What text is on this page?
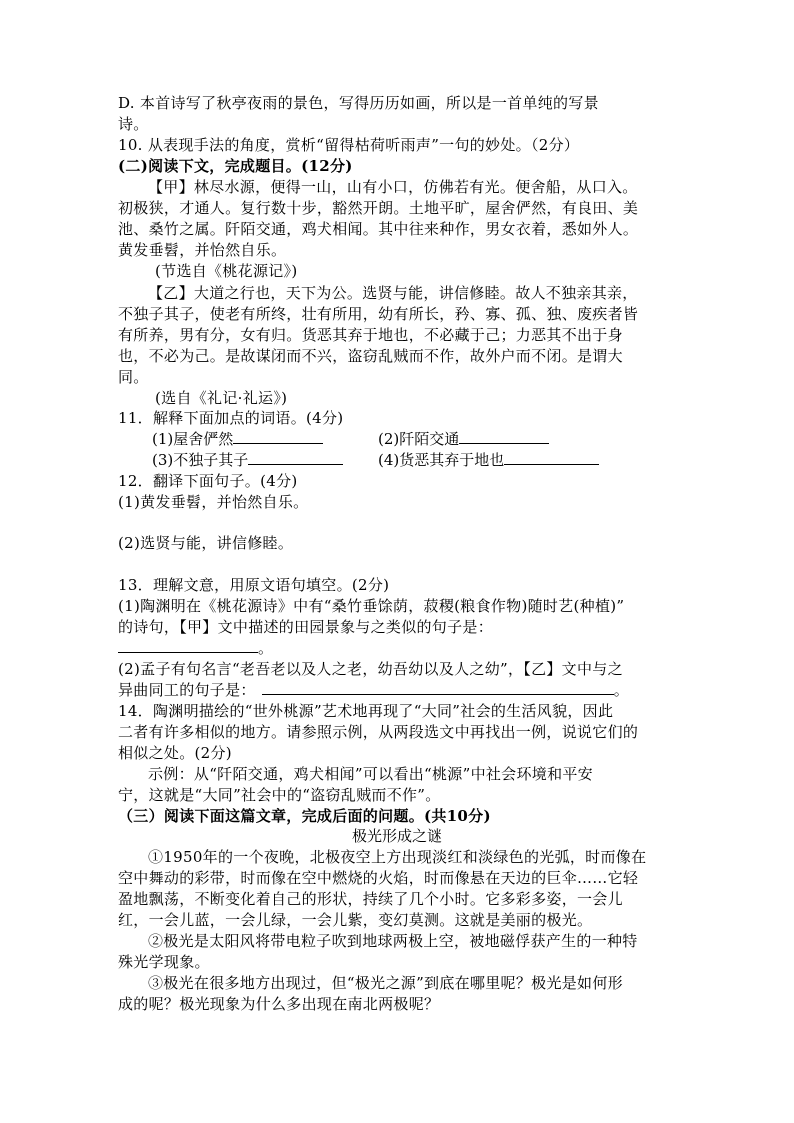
D. 本首诗写了秋亭夜雨的景色，写得历历如画，所以是一首单纯的写景
诗。
10. 从表现手法的角度，赏析“留得枯荷听雨声”一句的妙处。（2分）
(二)阅读下文，完成题目。(12分)
【甲】林尽水源，便得一山，山有小口，仿佛若有光。便舍船，从口入。
初极狭，才通人。复行数十步，豁然开朗。土地平旷，屋舍俨然，有良田、美
池、桑竹之属。阡陌交通，鸡犬相闻。其中往来种作，男女衣着，悉如外人。
黄发垂髫，并怡然自乐。
(节选自《桃花源记》)
【乙】大道之行也，天下为公。选贤与能，讲信修睦。故人不独亲其亲，
不独子其子，使老有所终，壮有所用，幼有所长，矜、寡、孤、独、废疾者皆
有所养，男有分，女有归。货恶其弃于地也，不必藏于己；力恶其不出于身
也，不必为己。是故谋闭而不兴，盗窃乱贼而不作，故外户而不闭。是谓大
同。
(选自《礼记·礼运》)
11．解释下面加点的词语。(4分)
(1)屋舍俨然	(2)阡陌交通
(3)不独子其子	(4)货恶其弃于地也
12．翻译下面句子。(4分)
(1)黄发垂髫，并怡然自乐。
(2)选贤与能，讲信修睦。
13．理解文意，用原文语句填空。(2分)
(1)陶渊明在《桃花源诗》中有“桑竹垂馀荫，菽稷(粮食作物)随时艺(种植)”
的诗句，【甲】文中描述的田园景象与之类似的句子是：
。
(2)孟子有句名言“老吾老以及人之老，幼吾幼以及人之幼”，【乙】文中与之
异曲同工的句子是：	。
14．陶渊明描绘的“世外桃源”艺术地再现了“大同”社会的生活风貌，因此
二者有许多相似的地方。请参照示例，从两段选文中再找出一例，说说它们的
相似之处。(2分)
示例：从“阡陌交通，鸡犬相闻”可以看出“桃源”中社会环境和平安
宁，这就是“大同”社会中的“盗窃乱贼而不作”。
（三）阅读下面这篇文章，完成后面的问题。(共10分)
极光形成之谜
①1950年的一个夜晚，北极夜空上方出现淡红和淡绿色的光弧，时而像在
空中舞动的彩带，时而像在空中燃烧的火焰，时而像悬在天边的巨伞……它轻
盈地飘荡，不断变化着自己的形状，持续了几个小时。它多彩多姿，一会儿
红，一会儿蓝，一会儿绿，一会儿紫，变幻莫测。这就是美丽的极光。
②极光是太阳风将带电粒子吹到地球两极上空，被地磁俘获产生的一种特
殊光学现象。
③极光在很多地方出现过，但“极光之源”到底在哪里呢？极光是如何形
成的呢？极光现象为什么多出现在南北两极呢？
